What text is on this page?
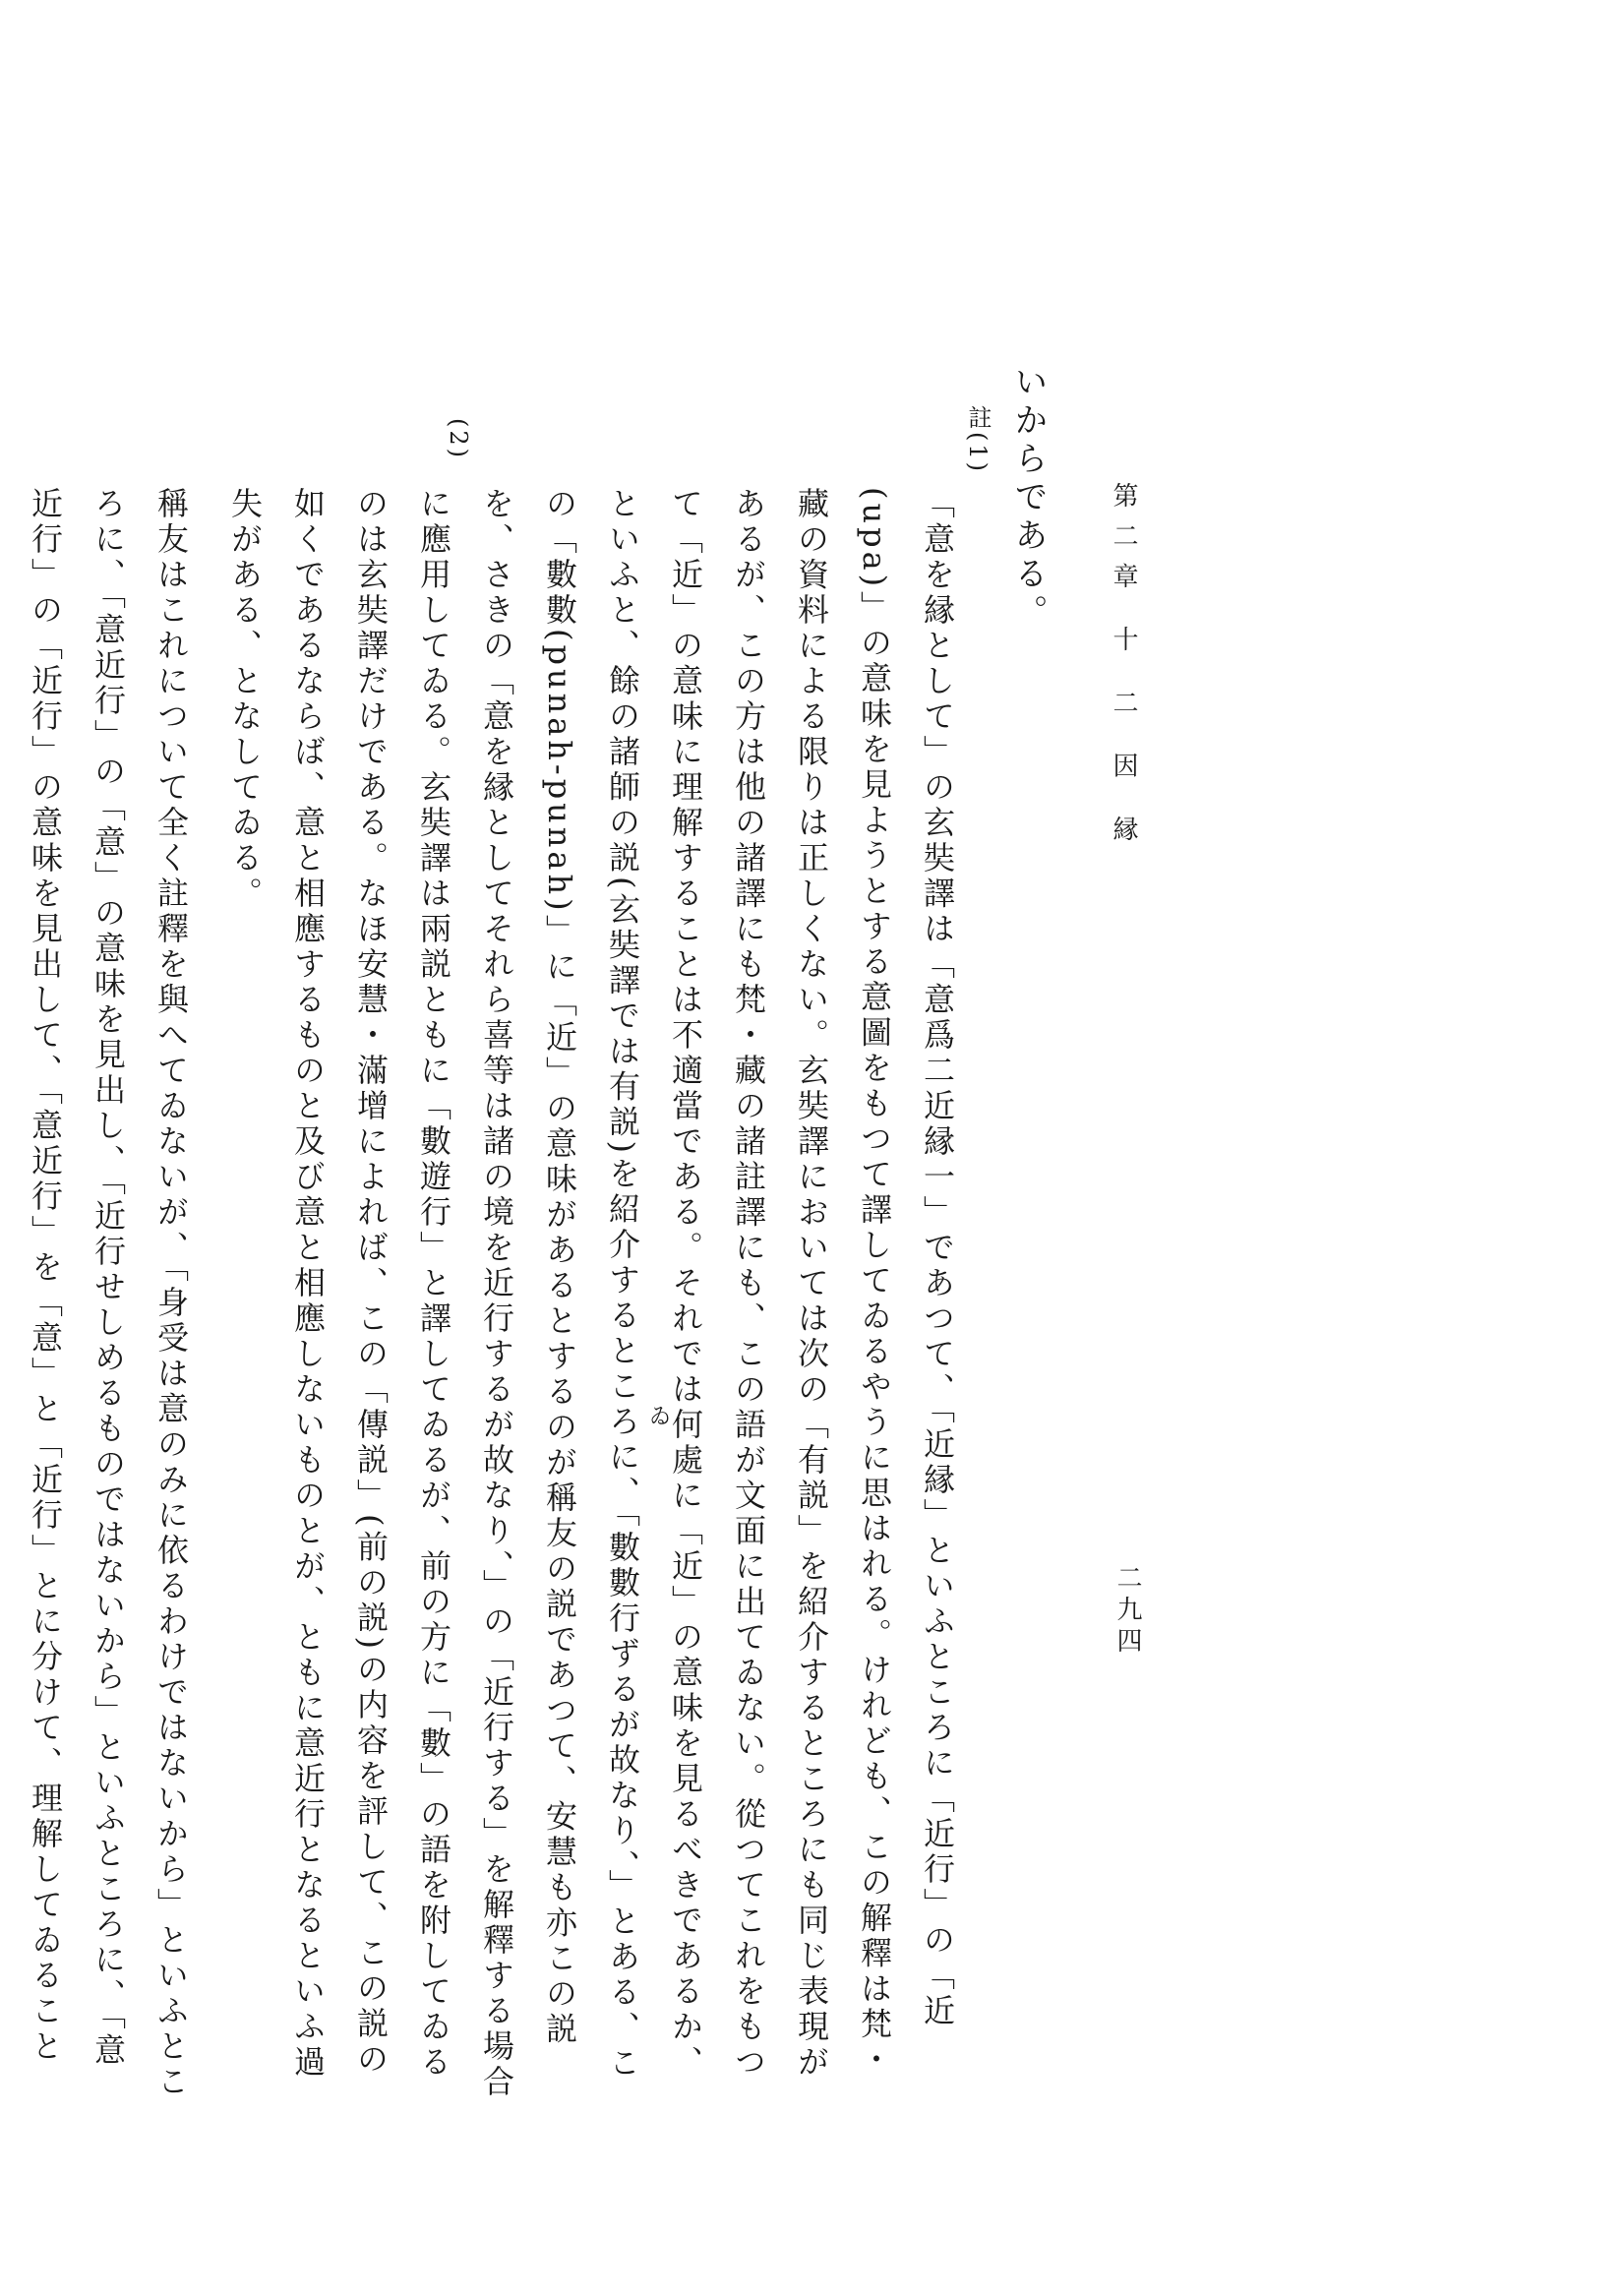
第二章 十 二 因 縁
二九四
いからである。
註(1)
(2)

「意を縁として」の玄奘譯は「意爲二近縁一」であつて、「近縁」といふところに「近行」の「近(upa)」の意味を見ようとする意圖をもつて譯してゐるやうに思はれる。けれども、この解釋は梵・藏の資料による限りは正しくない。玄奘譯においては次の「有説」を紹介するところにも同じ表現があるが、この方は他の諸譯にも梵・藏の諸註譯にも、この語が文面に出てゐない。從つてこれをもつて「近」の意味に理解することは不適當である。それでは何處に「近」の意味を見るべきであるか、といふと、餘の諸師の説(玄奘譯では有説)を紹介するところに、「數數行ずるが故なり、」とある、この「數數(punah-punah)」に「近」の意味があるとするのが稱友の説であつて、安慧も亦この説を、さきの「意を縁としてそれら喜等は諸の境を近行するが故なり、」の「近行する」を解釋する場合に應用してゐる。玄奘譯は兩説ともに「數遊行」と譯してゐるが、前の方に「數」の語を附してゐるのは玄奘譯だけである。なほ安慧・滿增によれば、この「傳説」(前の説)の内容を評して、この説の如くであるならば、意と相應するものと及び意と相應しないものとが、ともに意近行となるといふ過失がある、となしてゐる。

稱友はこれについて全く註釋を與へてゐないが、「身受は意のみに依るわけではないから」といふところに、「意近行」の「意」の意味を見出し、「近行せしめるものではないから」といふところに、「意近行」の「近行」の意味を見出して、「意近行」を「意」と「近行」とに分けて、理解してゐること

ゐ
